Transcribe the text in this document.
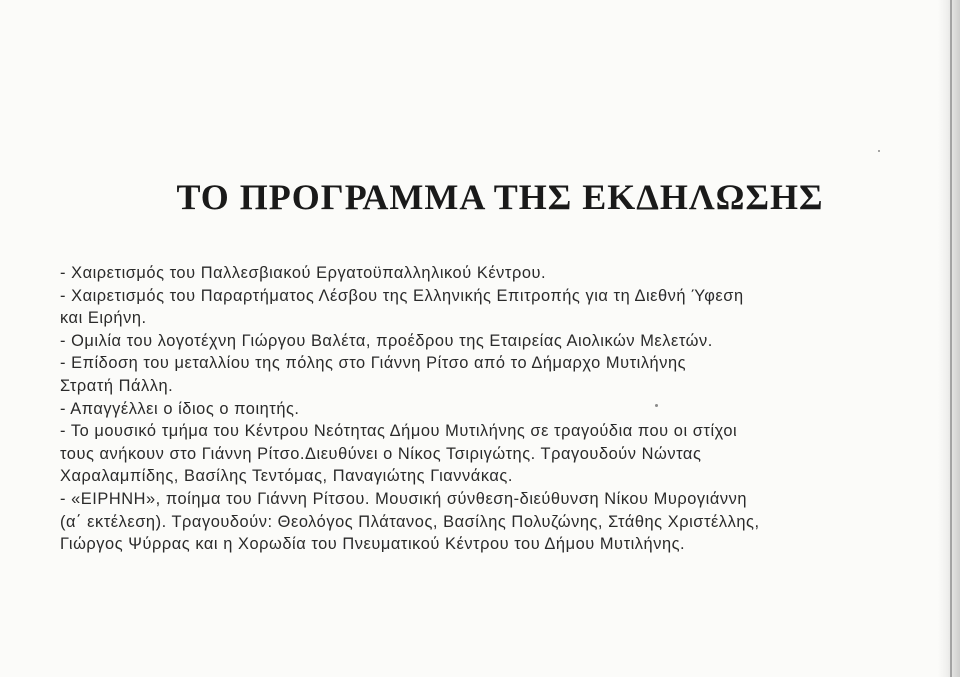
ΤΟ ΠΡΟΓΡΑΜΜΑ ΤΗΣ ΕΚΔΗΛΩΣΗΣ
- Χαιρετισμός του Παλλεσβιακού Εργατοϋπαλληλικού Κέντρου.
- Χαιρετισμός του Παραρτήματος Λέσβου της Ελληνικής Επιτροπής για τη Διεθνή Ύφεση
και Ειρήνη.
- Ομιλία του λογοτέχνη Γιώργου Βαλέτα, προέδρου της Εταιρείας Αιολικών Μελετών.
- Επίδοση του μεταλλίου της πόλης στο Γιάννη Ρίτσο από το Δήμαρχο Μυτιλήνης
Στρατή Πάλλη.
- Απαγγέλλει ο ίδιος ο ποιητής.
- Το μουσικό τμήμα του Κέντρου Νεότητας Δήμου Μυτιλήνης σε τραγούδια που οι στίχοι
τους ανήκουν στο Γιάννη Ρίτσο.Διευθύνει ο Νίκος Τσιριγώτης. Τραγουδούν Νώντας
Χαραλαμπίδης, Βασίλης Τεντόμας, Παναγιώτης Γιαννάκας.
- «ΕΙΡΗΝΗ», ποίημα του Γιάννη Ρίτσου. Μουσική σύνθεση-διεύθυνση Νίκου Μυρογιάννη
(α΄ εκτέλεση). Τραγουδούν: Θεολόγος Πλάτανος, Βασίλης Πολυζώνης, Στάθης Χριστέλλης,
Γιώργος Ψύρρας και η Χορωδία του Πνευματικού Κέντρου του Δήμου Μυτιλήνης.
